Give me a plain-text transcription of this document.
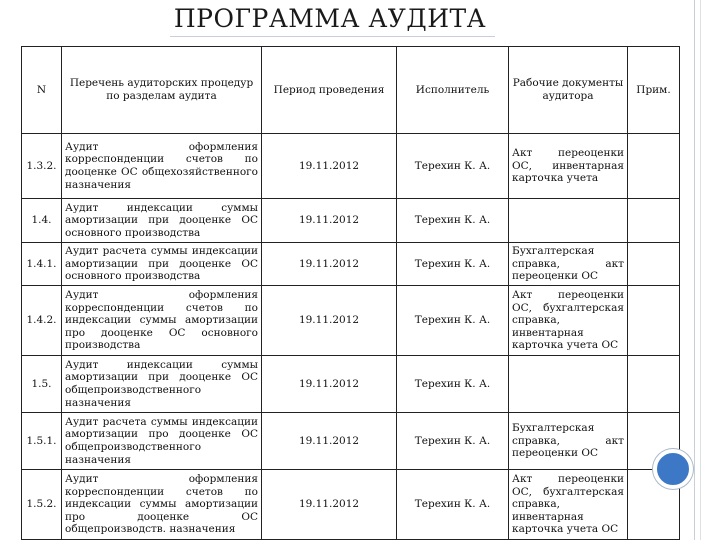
ПРОГРАММА АУДИТА
N	Перечень аудиторских процедур по разделам аудита	Период проведения	Исполнитель	Рабочие документы аудитора	Прим.
1.3.2.	Аудит оформления корреспонденции счетов по дооценке ОС общехозяйственного назначения	19.11.2012	Терехин К. А.	Акт переоценки ОС, инвентарная карточка учета	
1.4.	Аудит индексации суммы амортизации при дооценке ОС основного производства	19.11.2012	Терехин К. А.		
1.4.1.	Аудит расчета суммы индексации амортизации при дооценке ОС основного производства	19.11.2012	Терехин К. А.	Бухгалтерская справка, акт переоценки ОС	
1.4.2.	Аудит оформления корреспонденции счетов по индексации суммы амортизации про дооценке ОС основного производства	19.11.2012	Терехин К. А.	Акт переоценки ОС, бухгалтерская справка, инвентарная карточка учета ОС	
1.5.	Аудит индексации суммы амортизации при дооценке ОС общепроизводственного назначения	19.11.2012	Терехин К. А.		
1.5.1.	Аудит расчета суммы индексации амортизации про дооценке ОС общепроизводственного назначения	19.11.2012	Терехин К. А.	Бухгалтерская справка, акт переоценки ОС	
1.5.2.	Аудит оформления корреспонденции счетов по индексации суммы амортизации про дооценке ОС общепроизводств. назначения	19.11.2012	Терехин К. А.	Акт переоценки ОС, бухгалтерская справка, инвентарная карточка учета ОС	
